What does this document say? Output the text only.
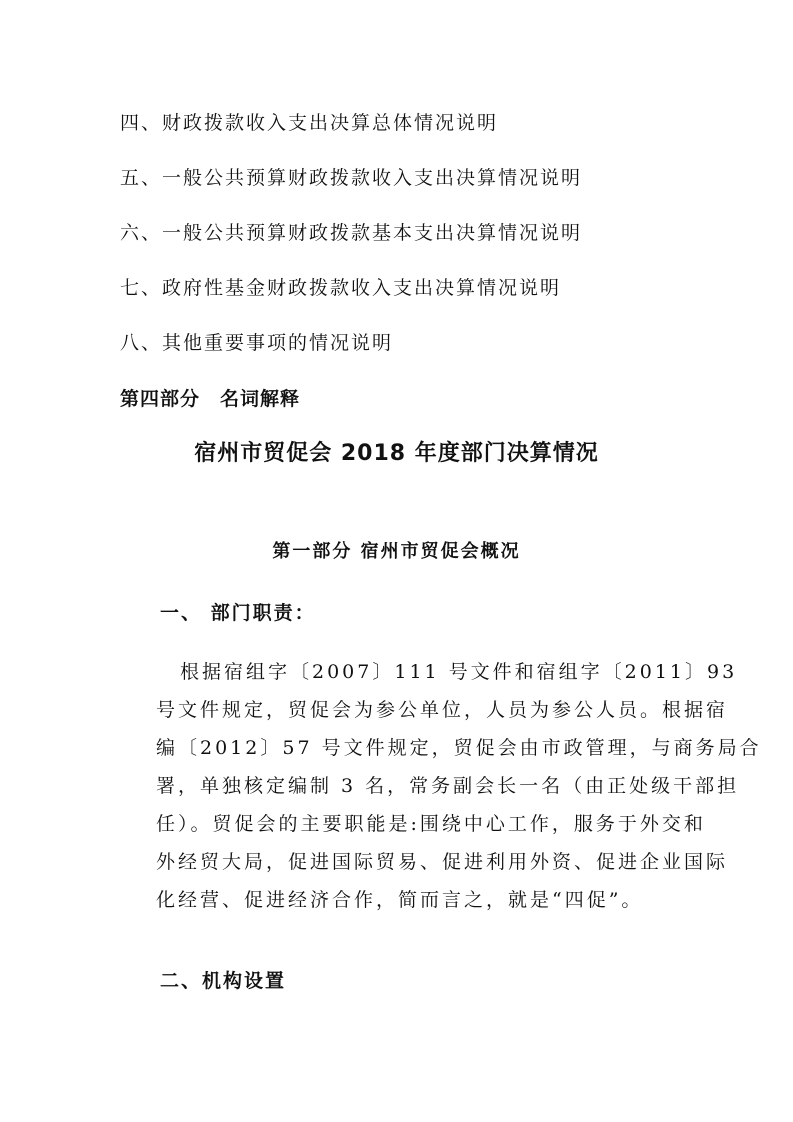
四、财政拨款收入支出决算总体情况说明
五、一般公共预算财政拨款收入支出决算情况说明
六、一般公共预算财政拨款基本支出决算情况说明
七、政府性基金财政拨款收入支出决算情况说明
八、其他重要事项的情况说明
第四部分　名词解释
宿州市贸促会 2018 年度部门决算情况
第一部分 宿州市贸促会概况
一、 部门职责：
　根据宿组字〔2007〕111 号文件和宿组字〔2011〕93
号文件规定，贸促会为参公单位，人员为参公人员。根据宿
编〔2012〕57 号文件规定，贸促会由市政管理，与商务局合
署，单独核定编制 3 名，常务副会长一名（由正处级干部担
任）。贸促会的主要职能是:围绕中心工作，服务于外交和
外经贸大局，促进国际贸易、促进利用外资、促进企业国际
化经营、促进经济合作，简而言之，就是“四促”。
二、机构设置
